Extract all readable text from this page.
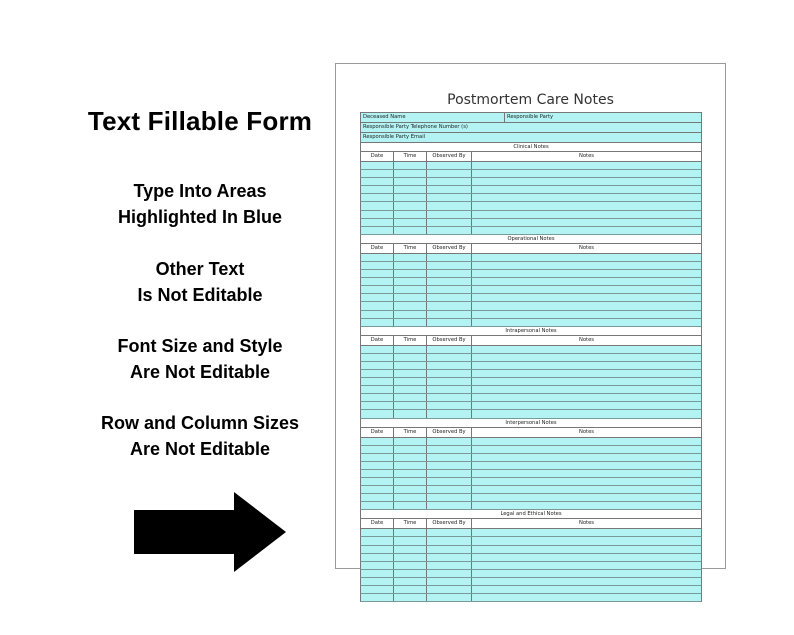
Text Fillable Form
Type Into Areas
Highlighted In Blue
Other Text
Is Not Editable
Font Size and Style
Are Not Editable
Row and Column Sizes
Are Not Editable
Postmortem Care Notes
Deceased Name	Responsible Party
Responsible Party Telephone Number (s)
Responsible Party Email
Clinical Notes
Date	Time	Observed By	Notes
Operational Notes
Date	Time	Observed By	Notes
Intrapersonal Notes
Date	Time	Observed By	Notes
Interpersonal Notes
Date	Time	Observed By	Notes
Legal and Ethical Notes
Date	Time	Observed By	Notes
